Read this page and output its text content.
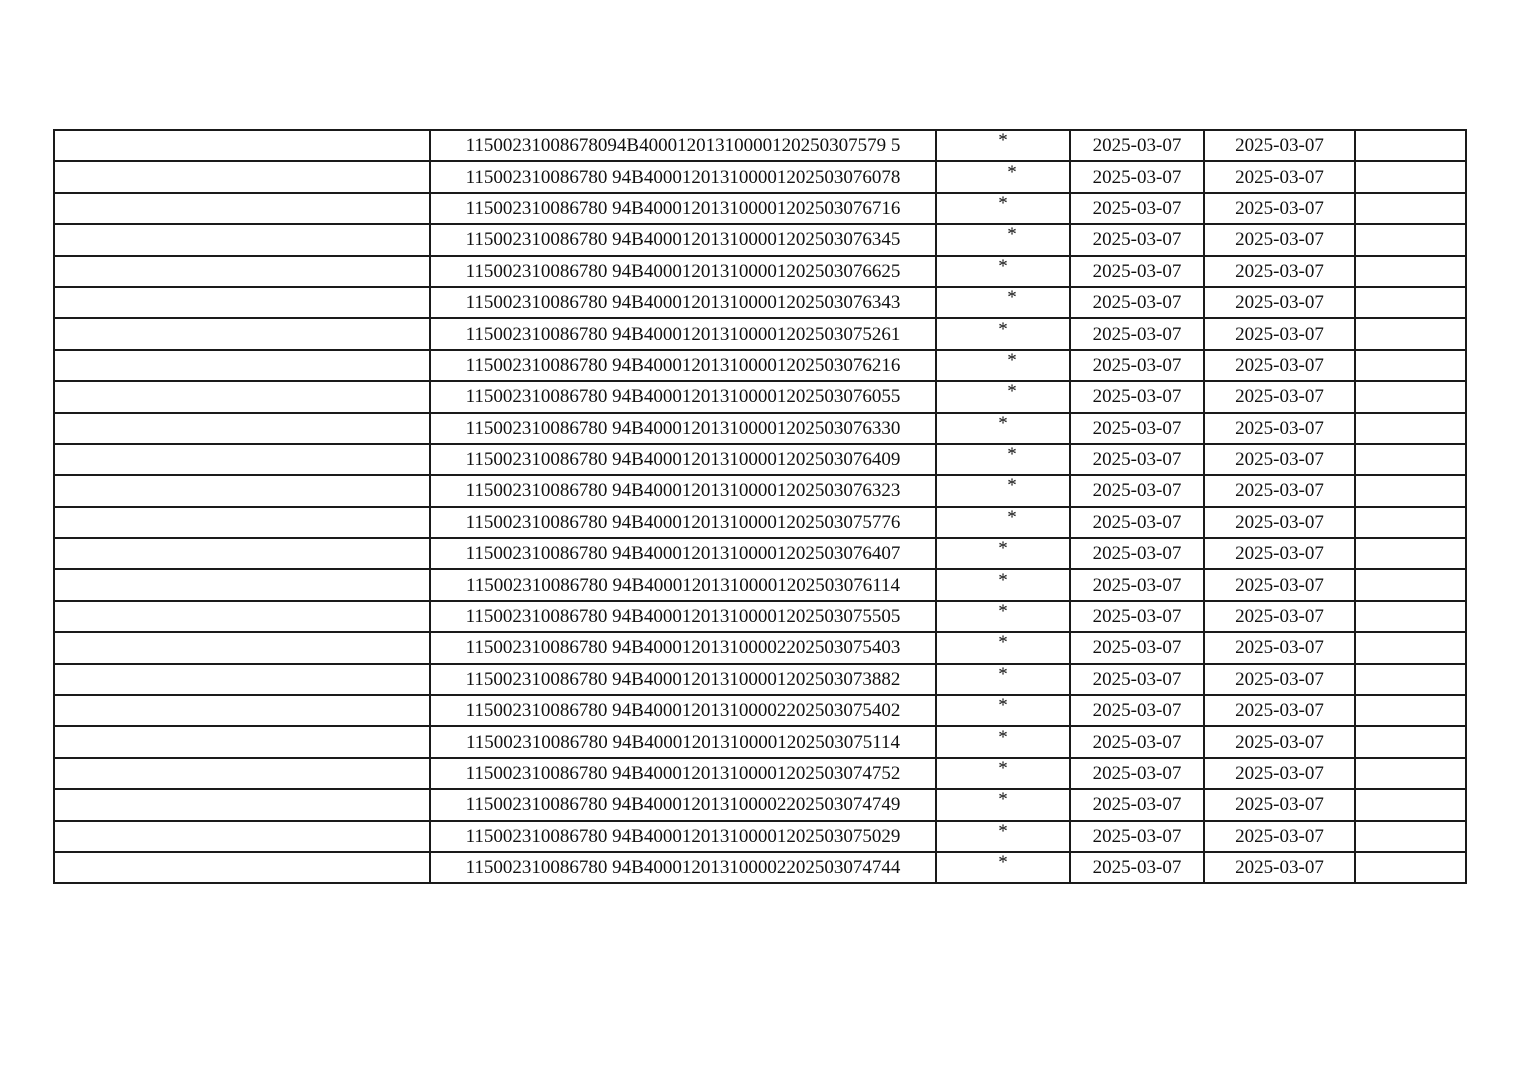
	11500231008678094B40001201310000120250307579 5	*	2025-03-07	2025-03-07	
	115002310086780 94B400012013100001202503076078	*	2025-03-07	2025-03-07	
	115002310086780 94B400012013100001202503076716	*	2025-03-07	2025-03-07	
	115002310086780 94B400012013100001202503076345	*	2025-03-07	2025-03-07	
	115002310086780 94B400012013100001202503076625	*	2025-03-07	2025-03-07	
	115002310086780 94B400012013100001202503076343	*	2025-03-07	2025-03-07	
	115002310086780 94B400012013100001202503075261	*	2025-03-07	2025-03-07	
	115002310086780 94B400012013100001202503076216	*	2025-03-07	2025-03-07	
	115002310086780 94B400012013100001202503076055	*	2025-03-07	2025-03-07	
	115002310086780 94B400012013100001202503076330	*	2025-03-07	2025-03-07	
	115002310086780 94B400012013100001202503076409	*	2025-03-07	2025-03-07	
	115002310086780 94B400012013100001202503076323	*	2025-03-07	2025-03-07	
	115002310086780 94B400012013100001202503075776	*	2025-03-07	2025-03-07	
	115002310086780 94B400012013100001202503076407	*	2025-03-07	2025-03-07	
	115002310086780 94B400012013100001202503076114	*	2025-03-07	2025-03-07	
	115002310086780 94B400012013100001202503075505	*	2025-03-07	2025-03-07	
	115002310086780 94B400012013100002202503075403	*	2025-03-07	2025-03-07	
	115002310086780 94B400012013100001202503073882	*	2025-03-07	2025-03-07	
	115002310086780 94B400012013100002202503075402	*	2025-03-07	2025-03-07	
	115002310086780 94B400012013100001202503075114	*	2025-03-07	2025-03-07	
	115002310086780 94B400012013100001202503074752	*	2025-03-07	2025-03-07	
	115002310086780 94B400012013100002202503074749	*	2025-03-07	2025-03-07	
	115002310086780 94B400012013100001202503075029	*	2025-03-07	2025-03-07	
	115002310086780 94B400012013100002202503074744	*	2025-03-07	2025-03-07	
